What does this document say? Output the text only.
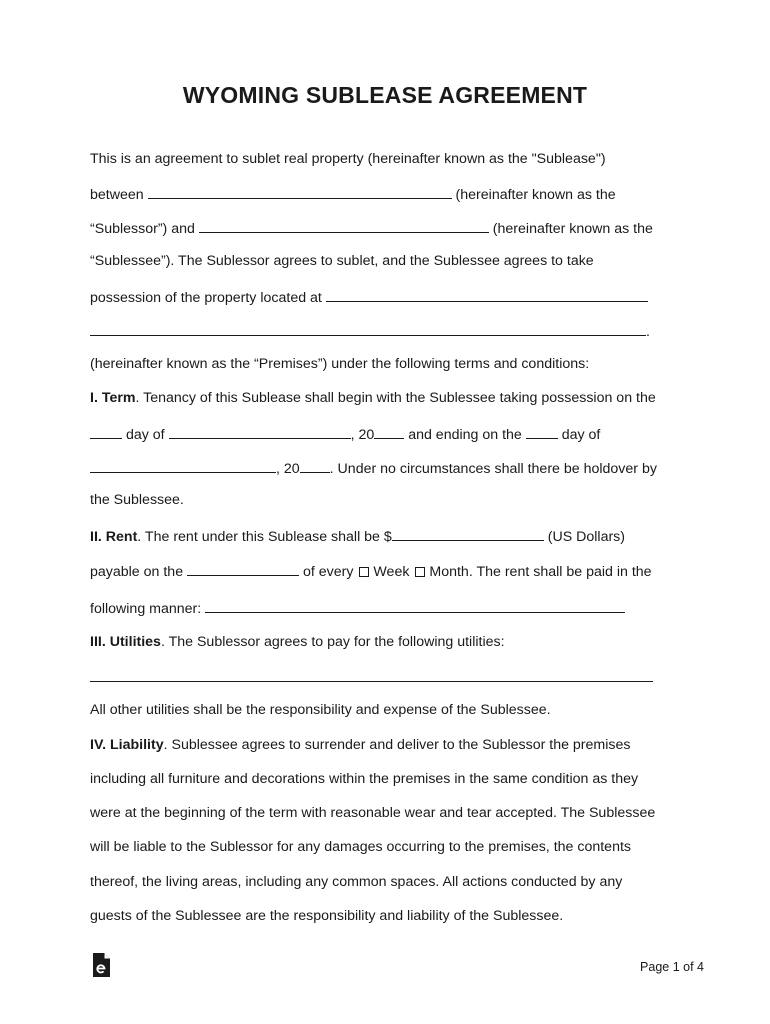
WYOMING SUBLEASE AGREEMENT
This is an agreement to sublet real property (hereinafter known as the "Sublease")
between	(hereinafter known as the
“Sublessor”) and	(hereinafter known as the
“Sublessee”). The Sublessor agrees to sublet, and the Sublessee agrees to take
possession of the property located at
.
(hereinafter known as the “Premises”) under the following terms and conditions:
I. Term. Tenancy of this Sublease shall begin with the Sublessee taking possession on the
day of	, 20 and ending on the	day of
, 20 . Under no circumstances shall there be holdover by
the Sublessee.
II. Rent. The rent under this Sublease shall be $	(US Dollars)
payable on the	of every Week Month. The rent shall be paid in the
following manner:
III. Utilities. The Sublessor agrees to pay for the following utilities:
All other utilities shall be the responsibility and expense of the Sublessee.
IV. Liability. Sublessee agrees to surrender and deliver to the Sublessor the premises
including all furniture and decorations within the premises in the same condition as they
were at the beginning of the term with reasonable wear and tear accepted. The Sublessee
will be liable to the Sublessor for any damages occurring to the premises, the contents
thereof, the living areas, including any common spaces. All actions conducted by any
guests of the Sublessee are the responsibility and liability of the Sublessee.
Page 1 of 4
